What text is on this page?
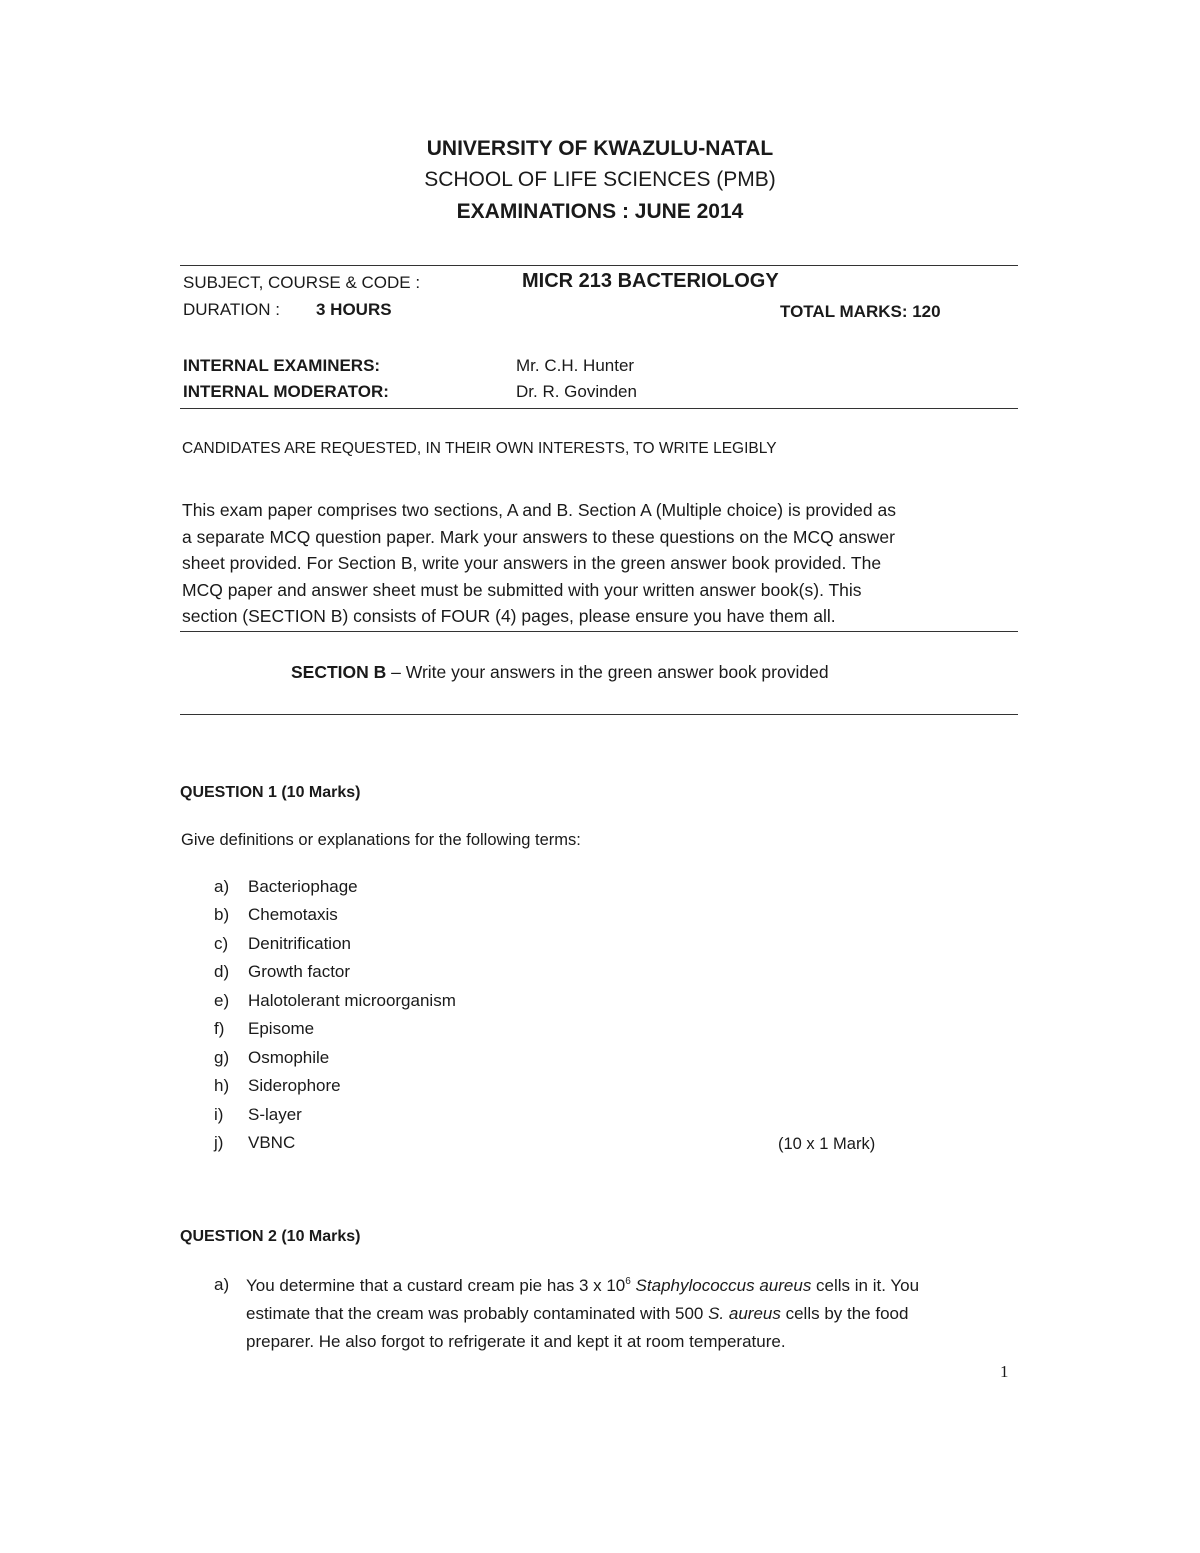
UNIVERSITY OF KWAZULU-NATAL
SCHOOL OF LIFE SCIENCES (PMB)
EXAMINATIONS : JUNE 2014
SUBJECT, COURSE & CODE :	MICR 213 BACTERIOLOGY
DURATION : 3 HOURS	TOTAL MARKS: 120
INTERNAL EXAMINERS:	Mr. C.H. Hunter
INTERNAL MODERATOR:	Dr. R. Govinden
CANDIDATES ARE REQUESTED, IN THEIR OWN INTERESTS, TO WRITE LEGIBLY
This exam paper comprises two sections, A and B. Section A (Multiple choice) is provided as
a separate MCQ question paper. Mark your answers to these questions on the MCQ answer
sheet provided. For Section B, write your answers in the green answer book provided. The
MCQ paper and answer sheet must be submitted with your written answer book(s). This
section (SECTION B) consists of FOUR (4) pages, please ensure you have them all.
SECTION B – Write your answers in the green answer book provided
QUESTION 1 (10 Marks)
Give definitions or explanations for the following terms:
a)	Bacteriophage
b)	Chemotaxis
c)	Denitrification
d)	Growth factor
e)	Halotolerant microorganism
f)	Episome
g)	Osmophile
h)	Siderophore
i)	S-layer
j)	VBNC	(10 x 1 Mark)
QUESTION 2 (10 Marks)
a) You determine that a custard cream pie has 3 x $10^6$ Staphylococcus aureus cells in it. You
estimate that the cream was probably contaminated with 500 S. aureus cells by the food
preparer. He also forgot to refrigerate it and kept it at room temperature.
1
